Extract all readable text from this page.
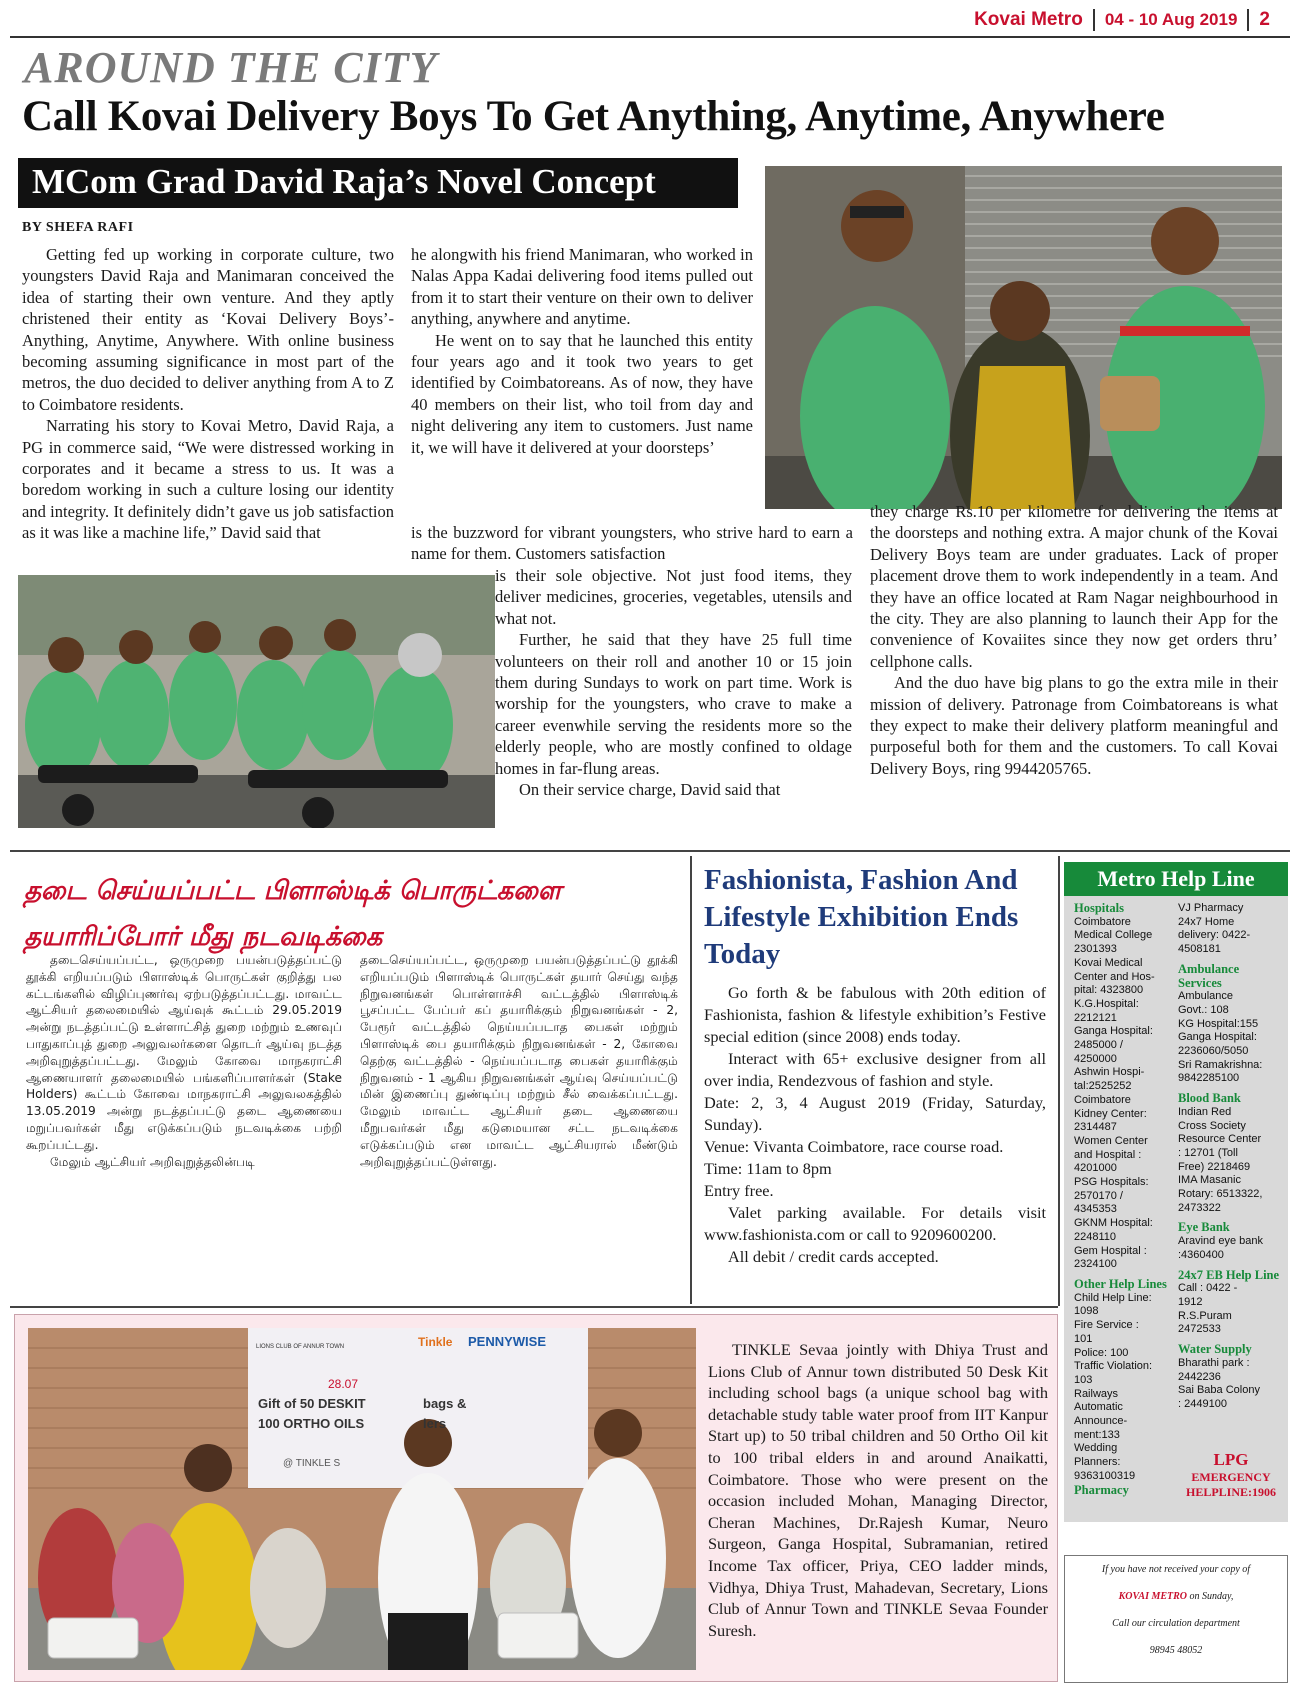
Kovai Metro 04 - 10 Aug 2019 2
AROUND THE CITY
Call Kovai Delivery Boys To Get Anything, Anytime, Anywhere
MCom Grad David Raja’s Novel Concept
BY SHEFA RAFI

Getting fed up working in corporate culture, two youngsters David Raja and Manimaran conceived the idea of starting their own venture. And they aptly christened their entity as ‘Kovai Delivery Boys’-Anything, Anytime, Anywhere. With online business becoming assuming significance in most part of the metros, the duo decided to deliver anything from A to Z to Coimbatore residents.

Narrating his story to Kovai Metro, David Raja, a PG in commerce said, “We were distressed working in corporates and it became a stress to us. It was a boredom working in such a culture losing our identity and integrity. It definitely didn’t gave us job satisfaction as it was like a machine life,” David said that

he alongwith his friend Manimaran, who worked in Nalas Appa Kadai delivering food items pulled out from it to start their venture on their own to deliver anything, anywhere and anytime.

He went on to say that he launched this entity four years ago and it took two years to get identified by Coimbatoreans. As of now, they have 40 members on their list, who toil from day and night delivering any item to customers. Just name it, we will have it delivered at your doorsteps’

is the buzzword for vibrant youngsters, who strive hard to earn a name for them. Customers satisfaction

is their sole objective. Not just food items, they deliver medicines, groceries, vegetables, utensils and what not.

Further, he said that they have 25 full time volunteers on their roll and another 10 or 15 join them during Sundays to work on part time. Work is worship for the youngsters, who crave to make a career evenwhile serving the residents more so the elderly people, who are mostly confined to oldage homes in far-flung areas.

On their service charge, David said that

they charge Rs.10 per kilometre for delivering the items at the doorsteps and nothing extra. A major chunk of the Kovai Delivery Boys team are under graduates. Lack of proper placement drove them to work independently in a team. And they have an office located at Ram Nagar neighbourhood in the city. They are also planning to launch their App for the convenience of Kovaiites since they now get orders thru’ cellphone calls.

And the duo have big plans to go the extra mile in their mission of delivery. Patronage from Coimbatoreans is what they expect to make their delivery platform meaningful and purposeful both for them and the customers. To call Kovai Delivery Boys, ring 9944205765.

தடை செய்யப்பட்ட பிளாஸ்டிக் பொருட்களை தயாரிப்போர் மீது நடவடிக்கை

தடைசெய்யப்பட்ட, ஒருமுறை பயன்படுத்தப்பட்டு தூக்கி எறியப்படும் பிளாஸ்டிக் பொருட்கள் குறித்து பல கட்டங்களில் விழிப்புணர்வு ஏற்படுத்தப்பட்டது. மாவட்ட ஆட்சியர் தலைமையில் ஆய்வுக் கூட்டம் 29.05.2019 அன்று நடத்தப்பட்டு உள்ளாட்சித் துறை மற்றும் உணவுப் பாதுகாப்புத் துறை அலுவலர்களை தொடர் ஆய்வு நடத்த அறிவுறுத்தப்பட்டது. மேலும் கோவை மாநகராட்சி ஆணையாளர் தலைமையில் பங்களிப்பாளர்கள் (Stake Holders) கூட்டம் கோவை மாநகராட்சி அலுவலகத்தில் 13.05.2019 அன்று நடத்தப்பட்டு தடை ஆணையை மறுப்பவர்கள் மீது எடுக்கப்படும் நடவடிக்கை பற்றி கூறப்பட்டது.

மேலும் ஆட்சியர் அறிவுறுத்தலின்படி

தடைசெய்யப்பட்ட, ஒருமுறை பயன்படுத்தப்பட்டு தூக்கி எறியப்படும் பிளாஸ்டிக் பொருட்கள் தயார் செய்து வந்த நிறுவனங்கள் பொள்ளாச்சி வட்டத்தில் பிளாஸ்டிக் பூசப்பட்ட பேப்பர் கப் தயாரிக்கும் நிறுவனங்கள் - 2, பேரூர் வட்டத்தில் நெய்யப்படாத பைகள் மற்றும் பிளாஸ்டிக் பை தயாரிக்கும் நிறுவனங்கள் - 2, கோவை தெற்கு வட்டத்தில் - நெய்யப்படாத பைகள் தயாரிக்கும் நிறுவனம் - 1 ஆகிய நிறுவனங்கள் ஆய்வு செய்யப்பட்டு மின் இணைப்பு துண்டிப்பு மற்றும் சீல் வைக்கப்பட்டது. மேலும் மாவட்ட ஆட்சியர் தடை ஆணையை மீறுபவர்கள் மீது கடுமையான சட்ட நடவடிக்கை எடுக்கப்படும் என மாவட்ட ஆட்சியரால் மீண்டும் அறிவுறுத்தப்பட்டுள்ளது.

Fashionista, Fashion And Lifestyle Exhibition Ends Today

Go forth & be fabulous with 20th edition of Fashionista, fashion & lifestyle exhibition’s Festive special edition (since 2008) ends today.

Interact with 65+ exclusive designer from all over india, Rendezvous of fashion and style.

Date: 2, 3, 4 August 2019 (Friday, Saturday, Sunday).

Venue: Vivanta Coimbatore, race course road.

Time: 11am to 8pm

Entry free.

Valet parking available. For details visit www.fashionista.com or call to 9209600200.

All debit / credit cards accepted.

Metro Help Line
Hospitals
Coimbatore
Medical College
2301393
Kovai Medical
Center and Hos-
pital: 4323800
K.G.Hospital:
2212121
Ganga Hospital:
2485000 /
4250000
Ashwin Hospi-
tal:2525252
Coimbatore
Kidney Center:
2314487
Women Center
and Hospital :
4201000
PSG Hospitals:
2570170 /
4345353
GKNM Hospital:
2248110
Gem Hospital :
2324100
Other Help Lines
Child Help Line:
1098
Fire Service :
101
Police: 100
Traffic Violation:
103
Railways
Automatic
Announce-
ment:133
Wedding
Planners:
9363100319
Pharmacy
VJ Pharmacy
24x7 Home
delivery: 0422-
4508181
Ambulance Services
Ambulance
Govt.: 108
KG Hospital:155
Ganga Hospital:
2236060/5050
Sri Ramakrishna:
9842285100
Blood Bank
Indian Red
Cross Society
Resource Center
: 12701 (Toll
Free) 2218469
IMA Masanic
Rotary: 6513322,
2473322
Eye Bank
Aravind eye bank
:4360400
24x7 EB Help Line
Call : 0422 -
1912
R.S.Puram
2472533
Water Supply
Bharathi park :
2442236
Sai Baba Colony
: 2449100
LPG
EMERGENCY
HELPLINE:1906
If you have not received your copy of
KOVAI METRO on Sunday,
Call our circulation department
98945 48052
Tinkle PENNYWISE
LIONS CLUB OF ANNUR TOWN
28.07
Gift of 50 DESKIT	bags &
100 ORTHO OILS	lers
@ TINKLE S

TINKLE Sevaa jointly with Dhiya Trust and Lions Club of Annur town distributed 50 Desk Kit including school bags (a unique school bag with detachable study table water proof from IIT Kanpur Start up) to 50 tribal children and 50 Ortho Oil kit to 100 tribal elders in and around Anaikatti, Coimbatore. Those who were present on the occasion included Mohan, Managing Director, Cheran Machines, Dr.Rajesh Kumar, Neuro Surgeon, Ganga Hospital, Subramanian, retired Income Tax officer, Priya, CEO ladder minds, Vidhya, Dhiya Trust, Mahadevan, Secretary, Lions Club of Annur Town and TINKLE Sevaa Founder Suresh.
